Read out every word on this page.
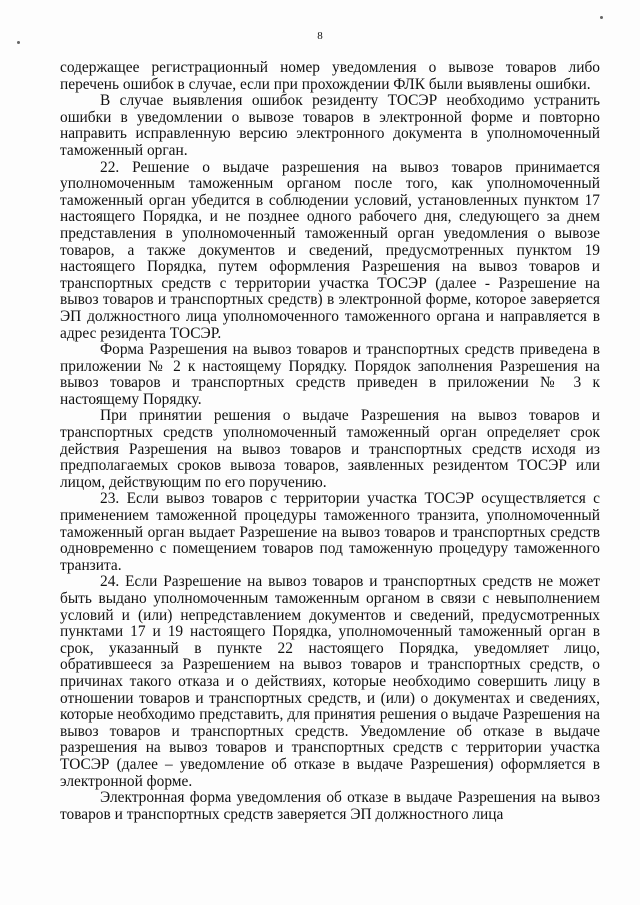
8

содержащее регистрационный номер уведомления о вывозе товаров либо перечень ошибок в случае, если при прохождении ФЛК были выявлены ошибки.

В случае выявления ошибок резиденту ТОСЭР необходимо устранить ошибки в уведомлении о вывозе товаров в электронной форме и повторно направить исправленную версию электронного документа в уполномоченный таможенный орган.

22. Решение о выдаче разрешения на вывоз товаров принимается уполномоченным таможенным органом после того, как уполномоченный таможенный орган убедится в соблюдении условий, установленных пунктом 17 настоящего Порядка, и не позднее одного рабочего дня, следующего за днем представления в уполномоченный таможенный орган уведомления о вывозе товаров, а также документов и сведений, предусмотренных пунктом 19 настоящего Порядка, путем оформления Разрешения на вывоз товаров и транспортных средств с территории участка ТОСЭР (далее - Разрешение на вывоз товаров и транспортных средств) в электронной форме, которое заверяется ЭП должностного лица уполномоченного таможенного органа и направляется в адрес резидента ТОСЭР.

Форма Разрешения на вывоз товаров и транспортных средств приведена в приложении № 2 к настоящему Порядку. Порядок заполнения Разрешения на вывоз товаров и транспортных средств приведен в приложении № 3 к настоящему Порядку.

При принятии решения о выдаче Разрешения на вывоз товаров и транспортных средств уполномоченный таможенный орган определяет срок действия Разрешения на вывоз товаров и транспортных средств исходя из предполагаемых сроков вывоза товаров, заявленных резидентом ТОСЭР или лицом, действующим по его поручению.

23. Если вывоз товаров с территории участка ТОСЭР осуществляется с применением таможенной процедуры таможенного транзита, уполномоченный таможенный орган выдает Разрешение на вывоз товаров и транспортных средств одновременно с помещением товаров под таможенную процедуру таможенного транзита.

24. Если Разрешение на вывоз товаров и транспортных средств не может быть выдано уполномоченным таможенным органом в связи с невыполнением условий и (или) непредставлением документов и сведений, предусмотренных пунктами 17 и 19 настоящего Порядка, уполномоченный таможенный орган в срок, указанный в пункте 22 настоящего Порядка, уведомляет лицо, обратившееся за Разрешением на вывоз товаров и транспортных средств, о причинах такого отказа и о действиях, которые необходимо совершить лицу в отношении товаров и транспортных средств, и (или) о документах и сведениях, которые необходимо представить, для принятия решения о выдаче Разрешения на вывоз товаров и транспортных средств. Уведомление об отказе в выдаче разрешения на вывоз товаров и транспортных средств с территории участка ТОСЭР (далее – уведомление об отказе в выдаче Разрешения) оформляется в электронной форме.

Электронная форма уведомления об отказе в выдаче Разрешения на вывоз товаров и транспортных средств заверяется ЭП должностного лица
